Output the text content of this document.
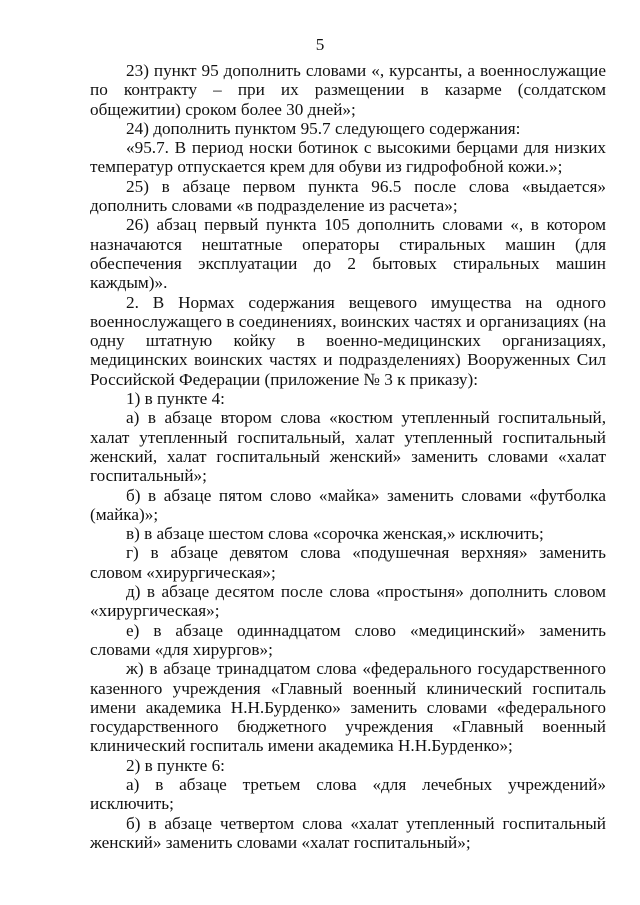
5

23) пункт 95 дополнить словами «, курсанты, а военнослужащие по контракту – при их размещении в казарме (солдатском общежитии) сроком более 30 дней»;

24) дополнить пунктом 95.7 следующего содержания:

«95.7. В период носки ботинок с высокими берцами для низких температур отпускается крем для обуви из гидрофобной кожи.»;

25) в абзаце первом пункта 96.5 после слова «выдается» дополнить словами «в подразделение из расчета»;

26) абзац первый пункта 105 дополнить словами «, в котором назначаются нештатные операторы стиральных машин (для обеспечения эксплуатации до 2 бытовых стиральных машин каждым)».

2. В Нормах содержания вещевого имущества на одного военнослужащего в соединениях, воинских частях и организациях (на одну штатную койку в военно-медицинских организациях, медицинских воинских частях и подразделениях) Вооруженных Сил Российской Федерации (приложение № 3 к приказу):

1) в пункте 4:

а) в абзаце втором слова «костюм утепленный госпитальный, халат утепленный госпитальный, халат утепленный госпитальный женский, халат госпитальный женский» заменить словами «халат госпитальный»;

б) в абзаце пятом слово «майка» заменить словами «футболка (майка)»;

в) в абзаце шестом слова «сорочка женская,» исключить;

г) в абзаце девятом слова «подушечная верхняя» заменить словом «хирургическая»;

д) в абзаце десятом после слова «простыня» дополнить словом «хирургическая»;

е) в абзаце одиннадцатом слово «медицинский» заменить словами «для хирургов»;

ж) в абзаце тринадцатом слова «федерального государственного казенного учреждения «Главный военный клинический госпиталь имени академика Н.Н.Бурденко» заменить словами «федерального государственного бюджетного учреждения «Главный военный клинический госпиталь имени академика Н.Н.Бурденко»;

2) в пункте 6:

а) в абзаце третьем слова «для лечебных учреждений» исключить;

б) в абзаце четвертом слова «халат утепленный госпитальный женский» заменить словами «халат госпитальный»;
